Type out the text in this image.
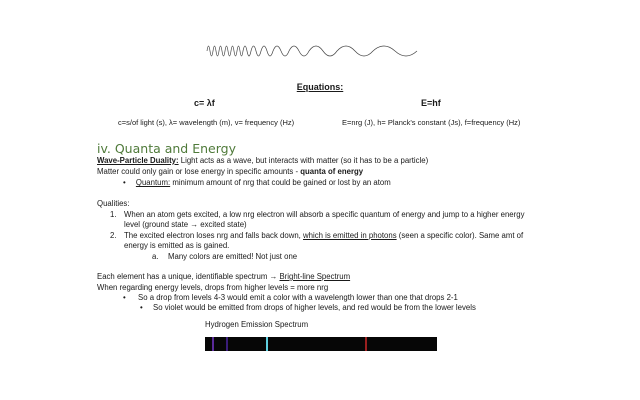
Equations:
c= λf	E=hf
c=s/of light (s), λ= wavelength (m), v= frequency (Hz)	E=nrg (J), h= Planck's constant (Js), f=frequency (Hz)
iv. Quanta and Energy
Wave-Particle Duality: Light acts as a wave, but interacts with matter (so it has to be a particle)
Matter could only gain or lose energy in specific amounts - quanta of energy
• Quantum: minimum amount of nrg that could be gained or lost by an atom
Qualities:
1. When an atom gets excited, a low nrg electron will absorb a specific quantum of energy and jump to a higher energy
level (ground state → excited state)
2. The excited electron loses nrg and falls back down, which is emitted in photons (seen a specific color). Same amt of
energy is emitted as is gained.
a. Many colors are emitted! Not just one
Each element has a unique, identifiable spectrum → Bright-line Spectrum
When regarding energy levels, drops from higher levels = more nrg
• So a drop from levels 4-3 would emit a color with a wavelength lower than one that drops 2-1
• So violet would be emitted from drops of higher levels, and red would be from the lower levels
Hydrogen Emission Spectrum
